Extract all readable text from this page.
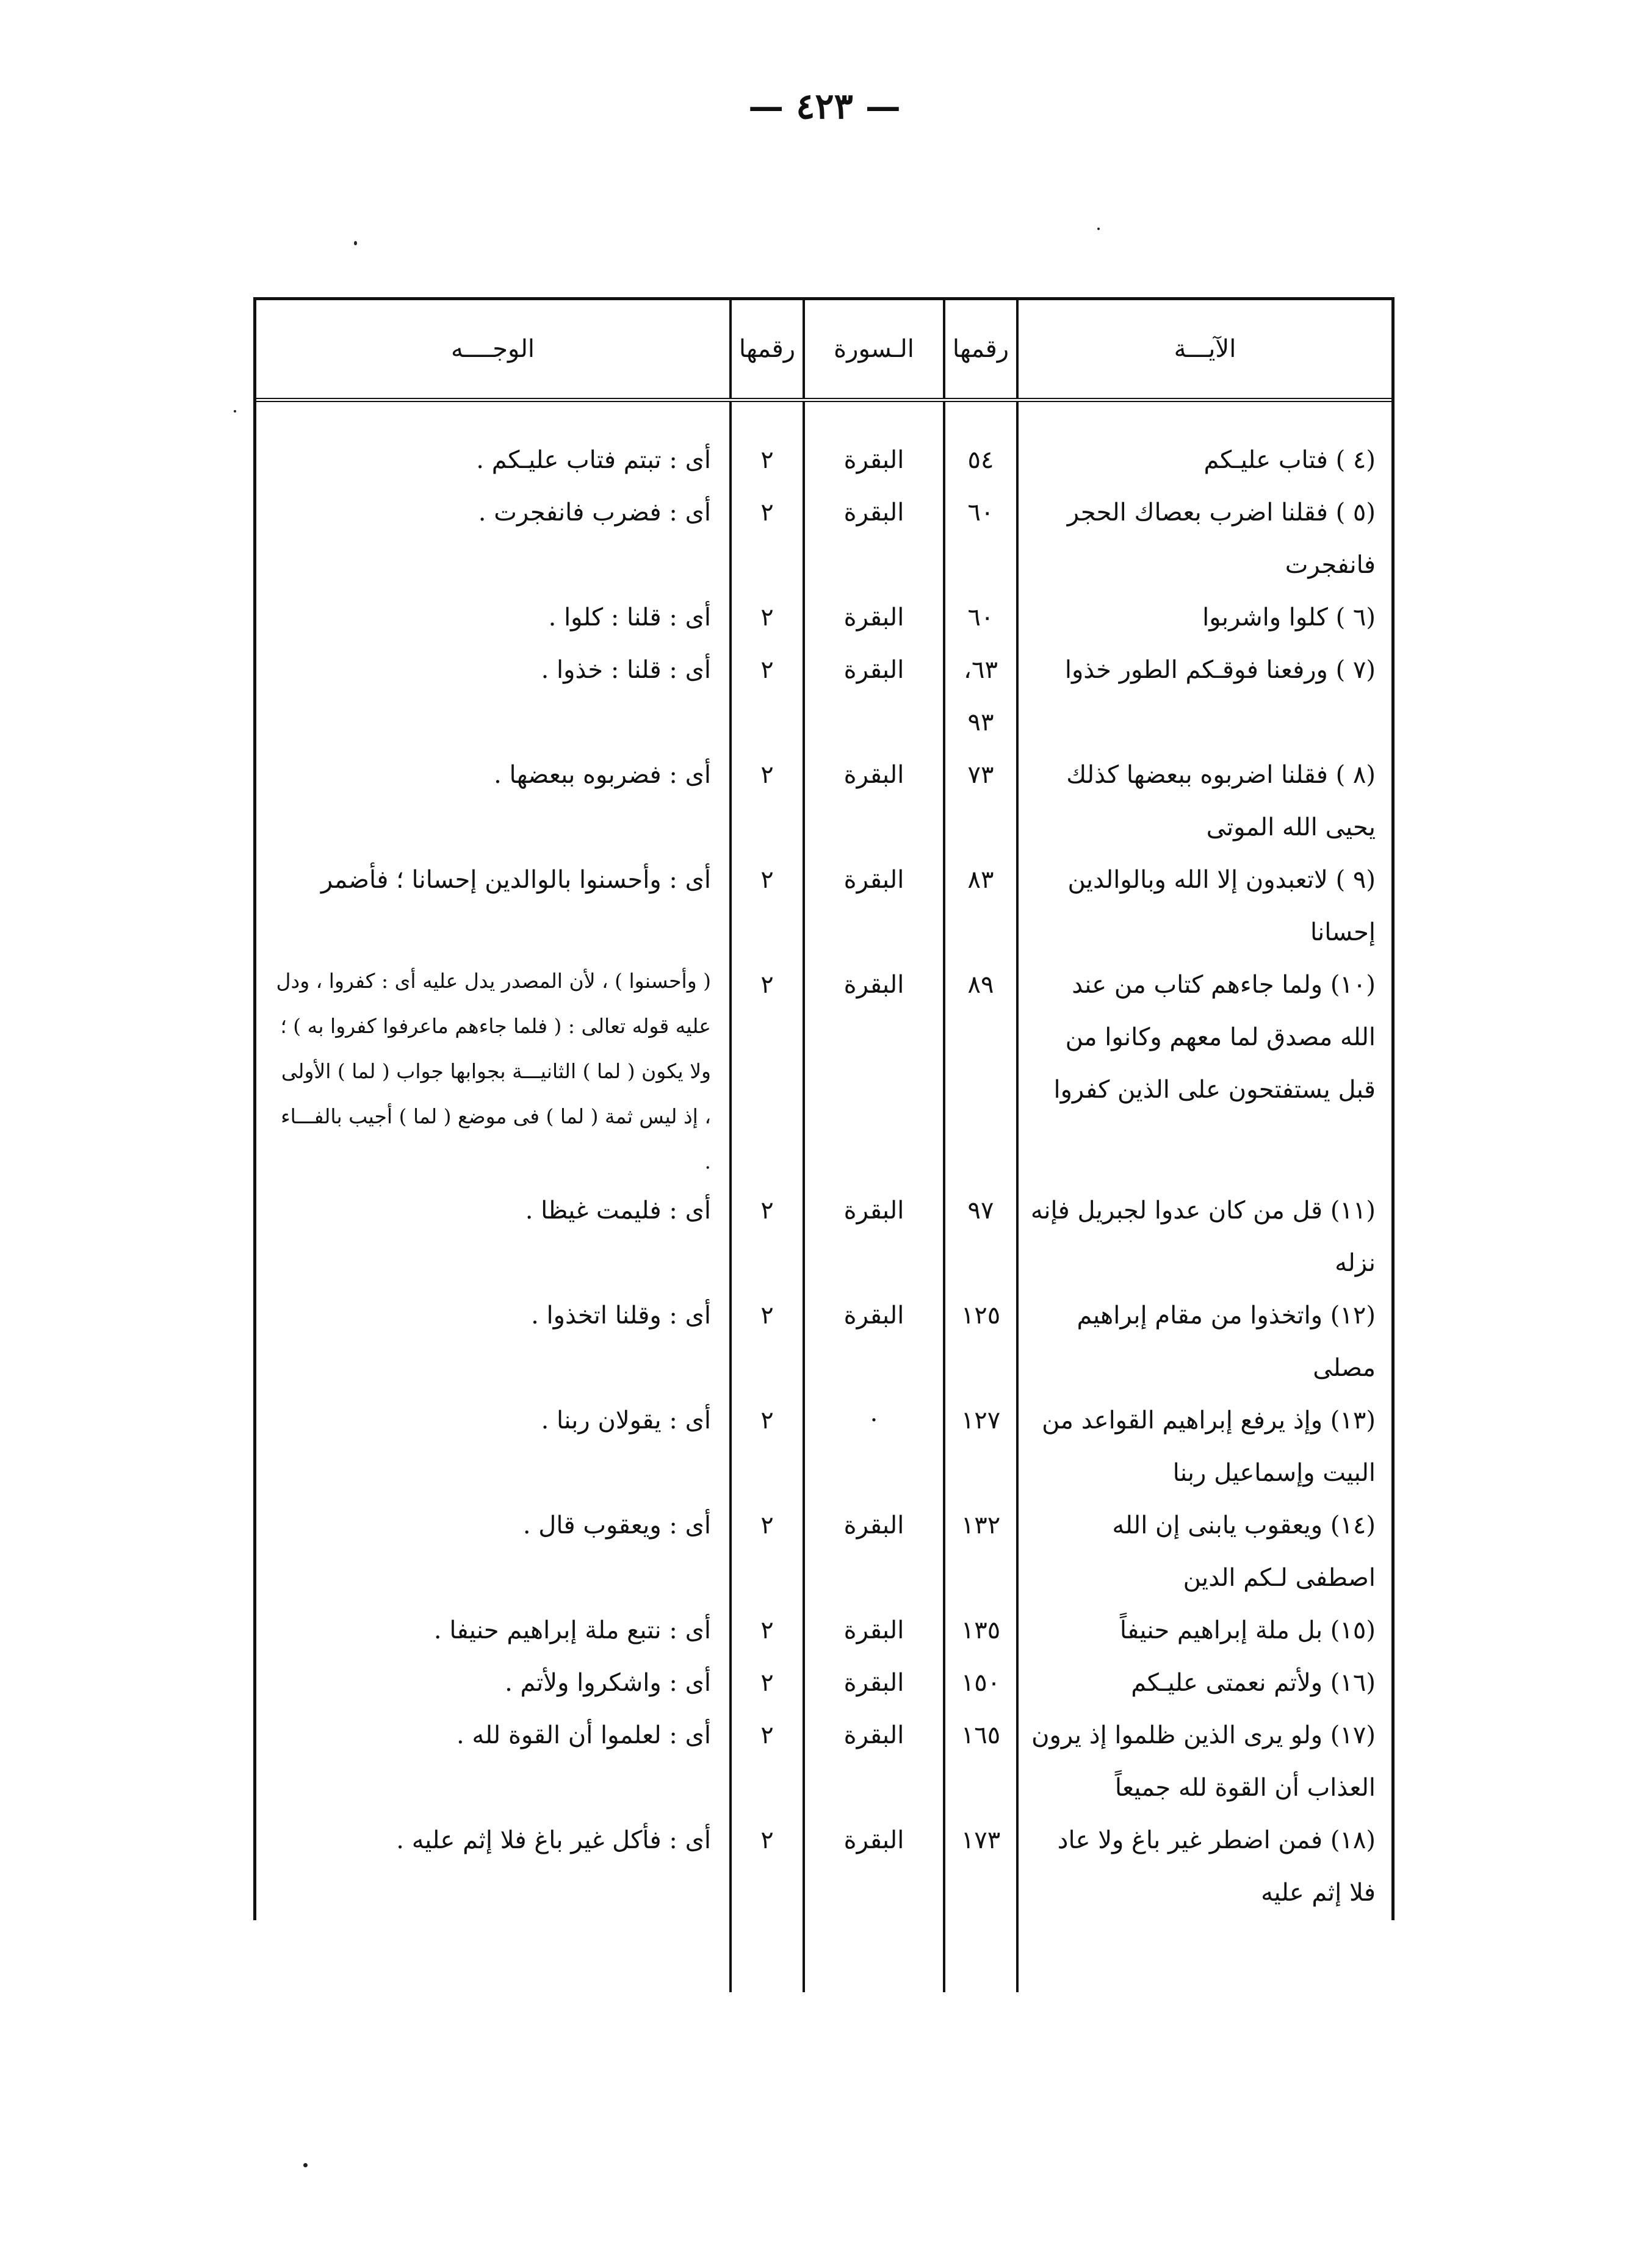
— ٤٢٣ —
الآيـــة	رقمها	الـسورة	رقمها	الوجــــه
(٤ ) فتاب عليـكم	٥٤	البقرة	٢	أى : تبتم فتاب عليـكم .
(٥ ) فقلنا اضرب بعصاك الحجر فانفجرت	٦٠	البقرة	٢	أى : فضرب فانفجرت .
(٦ ) كلوا واشربوا	٦٠	البقرة	٢	أى : قلنا : كلوا .
(٧ ) ورفعنا فوقـكم الطور خذوا	٦٣، ٩٣	البقرة	٢	أى : قلنا : خذوا .
(٨ ) فقلنا اضربوه ببعضها كذلك يحيى الله الموتى	٧٣	البقرة	٢	أى : فضربوه ببعضها .
(٩ ) لاتعبدون إلا الله وبالوالدين إحسانا	٨٣	البقرة	٢	أى : وأحسنوا بالوالدين إحسانا ؛ فأضمر
(١٠) ولما جاءهم كتاب من عند الله مصدق لما معهم وكانوا من قبل يستفتحون على الذين كفروا	٨٩	البقرة	٢	( وأحسنوا ) ، لأن المصدر يدل عليه أى : كفروا ، ودل عليه قوله تعالى : ( فلما جاءهم ماعرفوا كفروا به ) ؛ ولا يكون ( لما ) الثانيـــة بجوابها جواب ( لما ) الأولى ، إذ ليس ثمة ( لما ) فى موضع ( لما ) أجيب بالفـــاء .
(١١) قل من كان عدوا لجبريل فإنه نزله	٩٧	البقرة	٢	أى : فليمت غيظا .
(١٢) واتخذوا من مقام إبراهيم مصلى	١٢٥	البقرة	٢	أى : وقلنا اتخذوا .
(١٣) وإذ يرفع إبراهيم القواعد من البيت وإسماعيل ربنا	١٢٧	·	٢	أى : يقولان ربنا .
(١٤) ويعقوب يابنى إن الله اصطفى لـكم الدين	١٣٢	البقرة	٢	أى : ويعقوب قال .
(١٥) بل ملة إبراهيم حنيفاً	١٣٥	البقرة	٢	أى : نتبع ملة إبراهيم حنيفا .
(١٦) ولأتم نعمتى عليـكم	١٥٠	البقرة	٢	أى : واشكروا ولأتم .
(١٧) ولو يرى الذين ظلموا إذ يرون العذاب أن القوة لله جميعاً	١٦٥	البقرة	٢	أى : لعلموا أن القوة لله .
(١٨) فمن اضطر غير باغ ولا عاد فلا إثم عليه	١٧٣	البقرة	٢	أى : فأكل غير باغ فلا إثم عليه .
